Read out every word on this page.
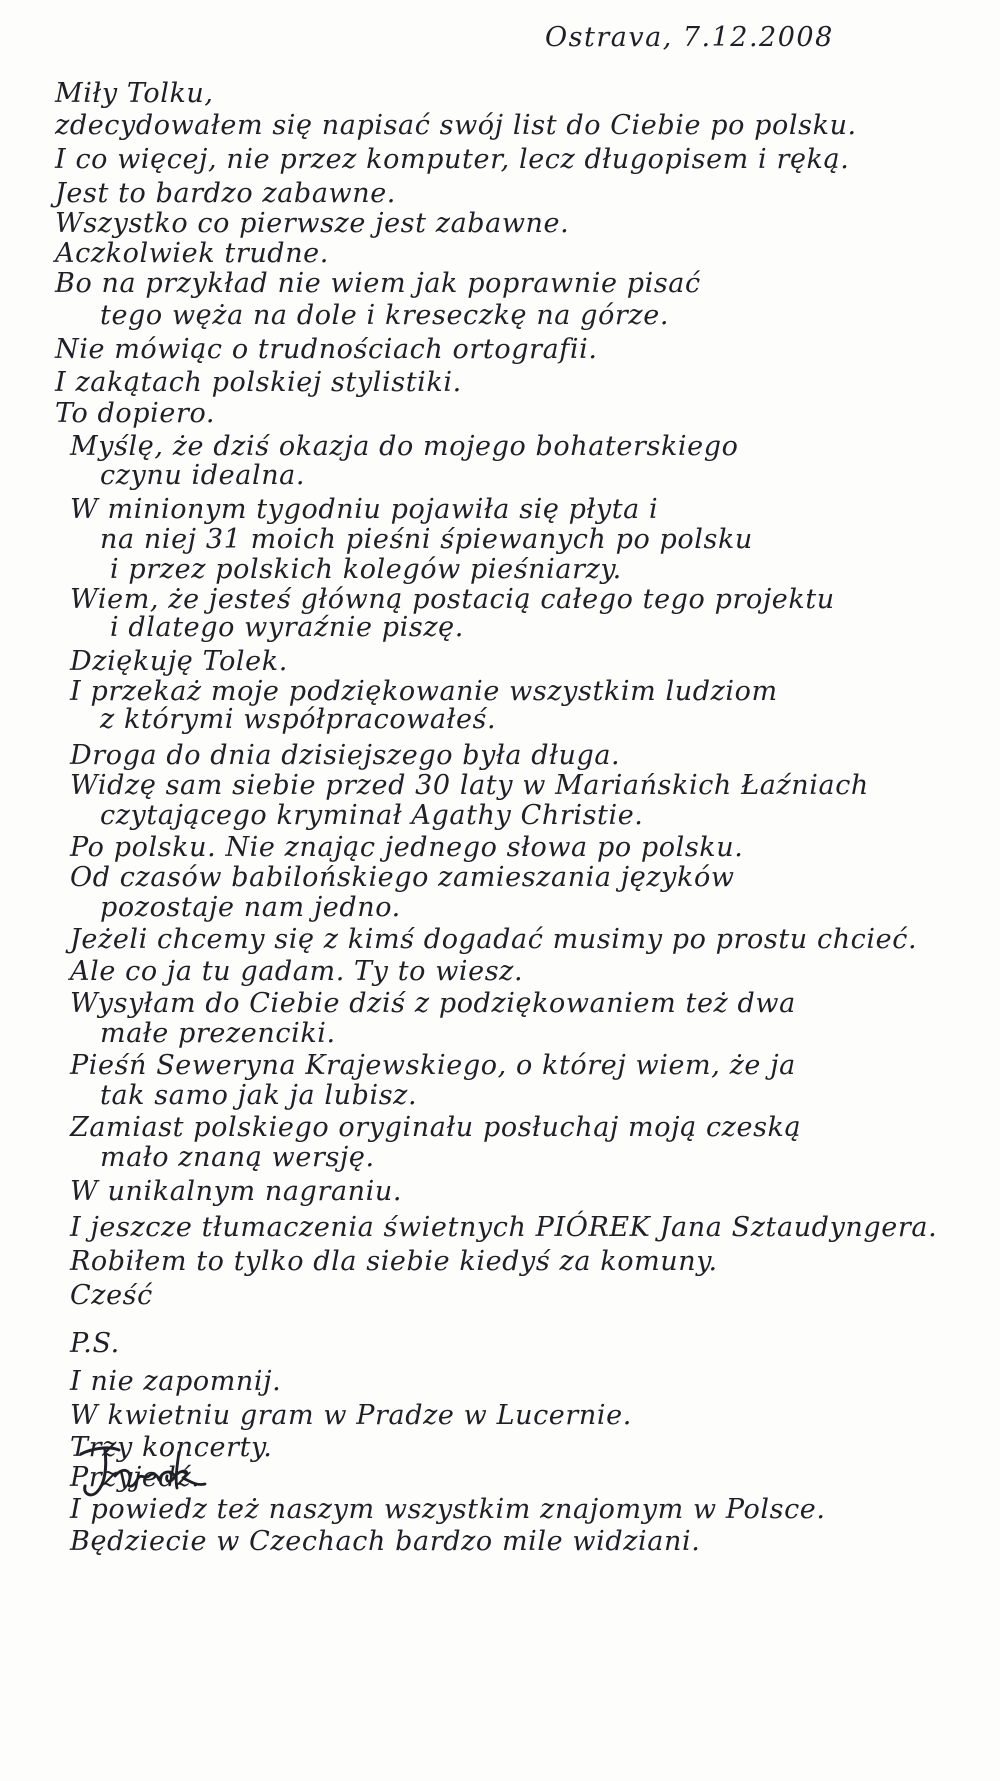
Ostrava, 7.12.2008
Miły Tolku,
zdecydowałem się napisać swój list do Ciebie po polsku.
I co więcej, nie przez komputer, lecz długopisem i ręką.
Jest to bardzo zabawne.
Wszystko co pierwsze jest zabawne.
Aczkolwiek trudne.
Bo na przykład nie wiem jak poprawnie pisać
tego węża na dole i kreseczkę na górze.
Nie mówiąc o trudnościach ortografii.
I zakątach polskiej stylistiki.
To dopiero.
Myślę, że dziś okazja do mojego bohaterskiego
czynu idealna.
W minionym tygodniu pojawiła się płyta i
na niej 31 moich pieśni śpiewanych po polsku
i przez polskich kolegów pieśniarzy.
Wiem, że jesteś główną postacią całego tego projektu
i dlatego wyraźnie piszę.
Dziękuję Tolek.
I przekaż moje podziękowanie wszystkim ludziom
z którymi współpracowałeś.
Droga do dnia dzisiejszego była długa.
Widzę sam siebie przed 30 laty w Mariańskich Łaźniach
czytającego kryminał Agathy Christie.
Po polsku. Nie znając jednego słowa po polsku.
Od czasów babilońskiego zamieszania języków
pozostaje nam jedno.
Jeżeli chcemy się z kimś dogadać musimy po prostu chcieć.
Ale co ja tu gadam. Ty to wiesz.
Wysyłam do Ciebie dziś z podziękowaniem też dwa
małe prezenciki.
Pieśń Seweryna Krajewskiego, o której wiem, że ja
tak samo jak ja lubisz.
Zamiast polskiego oryginału posłuchaj moją czeską
mało znaną wersję.
W unikalnym nagraniu.
I jeszcze tłumaczenia świetnych PIÓREK Jana Sztaudyngera.
Robiłem to tylko dla siebie kiedyś za komuny.
Cześć
P.S.
I nie zapomnij.
W kwietniu gram w Pradze w Lucernie.
Trzy koncerty.
Przyjedź.
I powiedz też naszym wszystkim znajomym w Polsce.
Będziecie w Czechach bardzo mile widziani.
